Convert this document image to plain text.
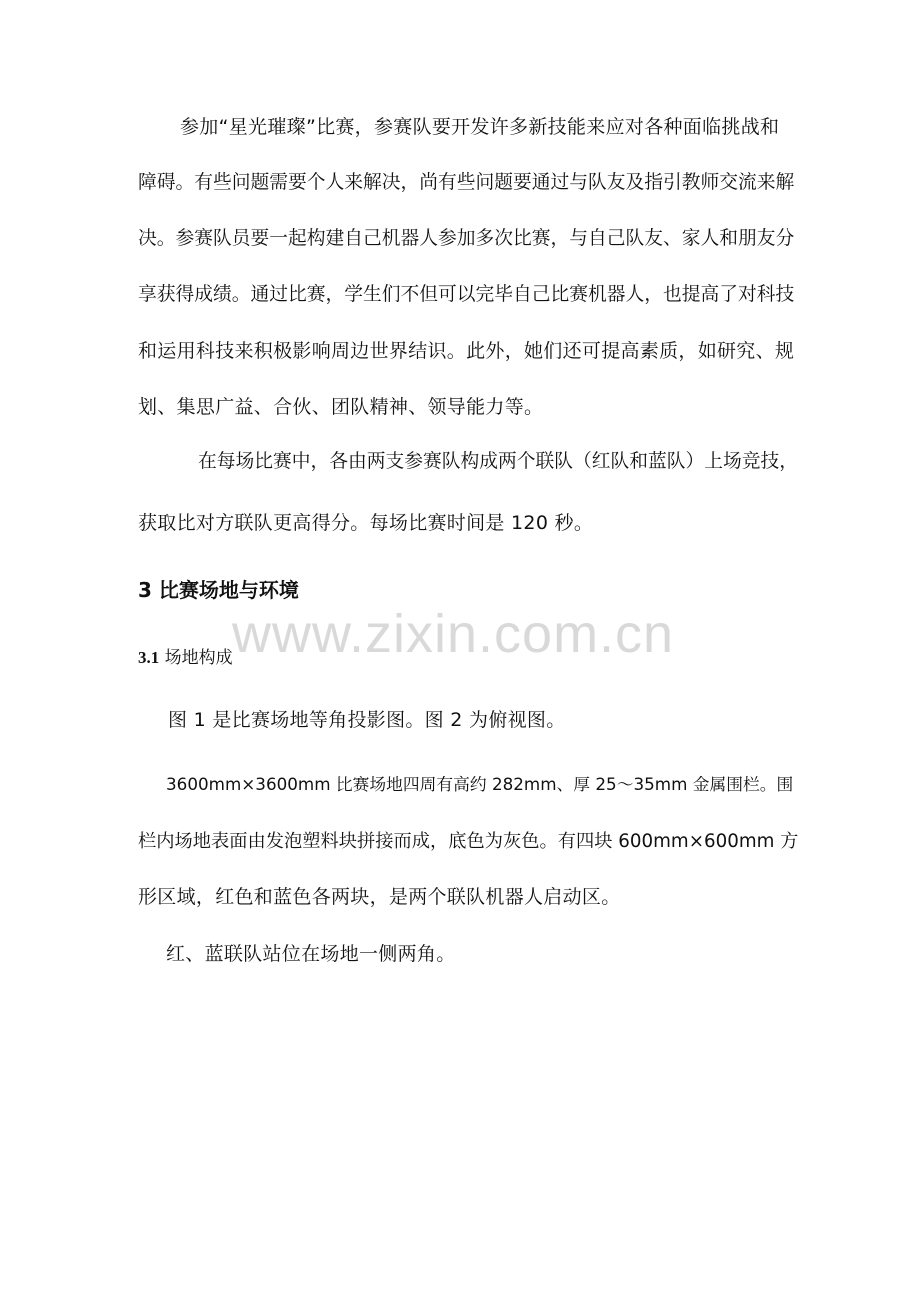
参加“星光璀璨”比赛，参赛队要开发许多新技能来应对各种面临挑战和
障碍。有些问题需要个人来解决，尚有些问题要通过与队友及指引教师交流来解
决。参赛队员要一起构建自己机器人参加多次比赛，与自己队友、家人和朋友分
享获得成绩。通过比赛，学生们不但可以完毕自己比赛机器人，也提高了对科技
和运用科技来积极影响周边世界结识。此外，她们还可提高素质，如研究、规
划、集思广益、合伙、团队精神、领导能力等。
在每场比赛中，各由两支参赛队构成两个联队（红队和蓝队）上场竞技，
获取比对方联队更高得分。每场比赛时间是 120 秒。
3 比赛场地与环境
www.zixin.com.cn
3.1 场地构成
图 1 是比赛场地等角投影图。图 2 为俯视图。
3600mm×3600mm 比赛场地四周有高约 282mm、厚 25～35mm 金属围栏。围
栏内场地表面由发泡塑料块拼接而成，底色为灰色。有四块 600mm×600mm 方
形区域，红色和蓝色各两块，是两个联队机器人启动区。
红、蓝联队站位在场地一侧两角。
